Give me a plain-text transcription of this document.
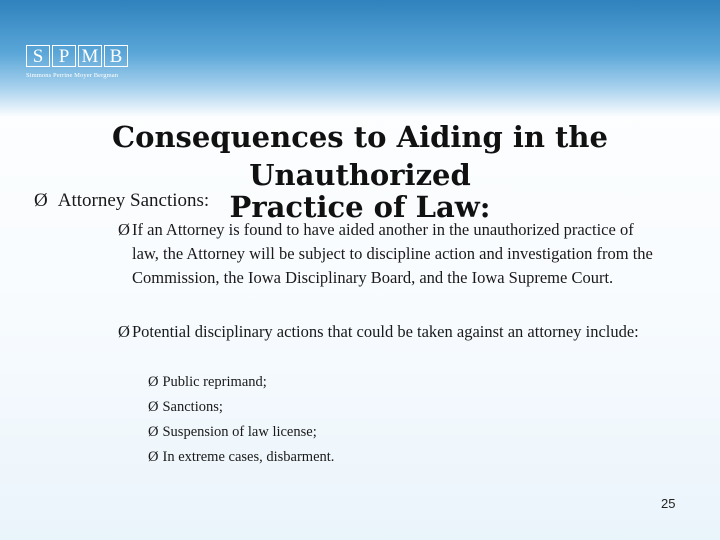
S P M B
Simmons Perrine Moyer Bergman
Consequences to Aiding in the Unauthorized
Practice of Law:
Ø Attorney Sanctions:
Ø If an Attorney is found to have aided another in the unauthorized practice of law, the Attorney will be subject to discipline action and investigation from the Commission, the Iowa Disciplinary Board, and the Iowa Supreme Court.
Ø Potential disciplinary actions that could be taken against an attorney include:
Ø Public reprimand;
Ø Sanctions;
Ø Suspension of law license;
Ø In extreme cases, disbarment.
25
